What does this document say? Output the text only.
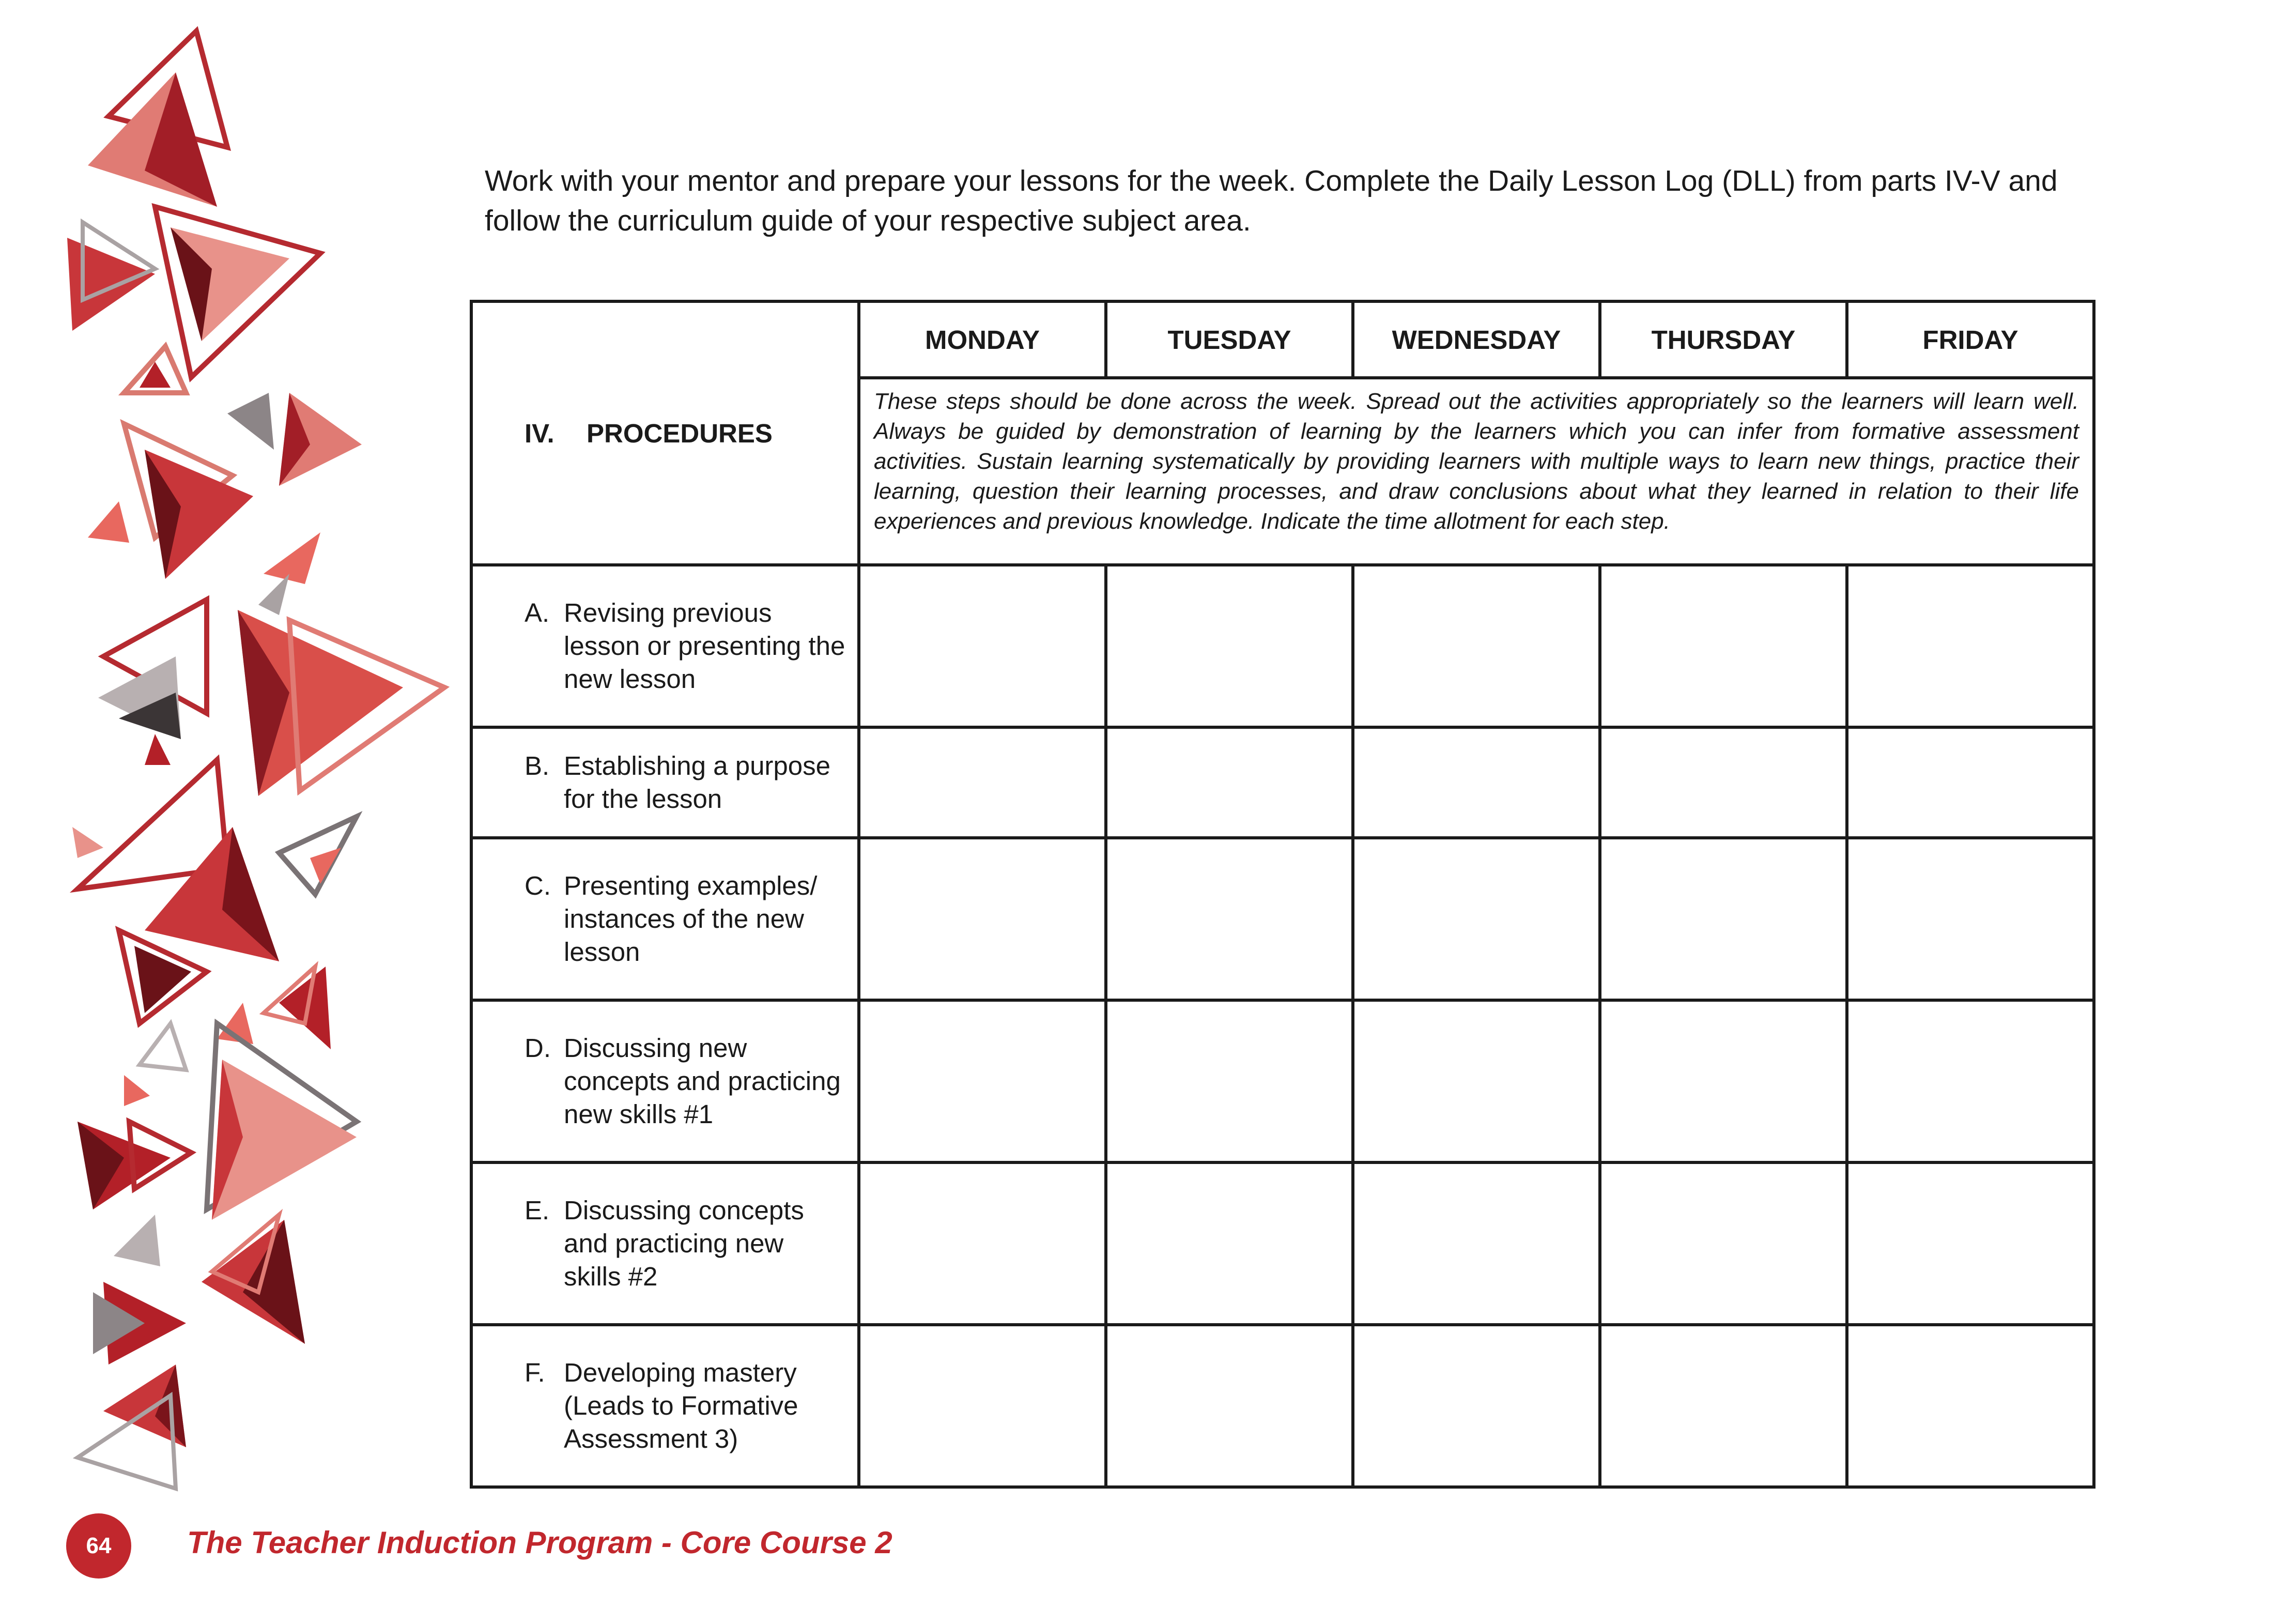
Work with your mentor and prepare your lessons for the week. Complete the Daily Lesson Log (DLL) from parts IV-V and follow the curriculum guide of your respective subject area.

IV. PROCEDURES	MONDAY	TUESDAY	WEDNESDAY	THURSDAY	FRIDAY
	These steps should be done across the week. Spread out the activities appropriately so the learners will learn well. Always be guided by demonstration of learning by the learners which you can infer from formative assessment activities. Sustain learning systematically by providing learners with multiple ways to learn new things, practice their learning, question their learning processes, and draw conclusions about what they learned in relation to their life experiences and previous knowledge. Indicate the time allotment for each step.				

A. Revising previous lesson or presenting the new lesson					

B. Establishing a purpose for the lesson					

C. Presenting examples/ instances of the new lesson					

D. Discussing new concepts and practicing new skills #1					

E. Discussing concepts and practicing new skills #2					

F. Developing mastery (Leads to Formative Assessment 3)					

64	The Teacher Induction Program - Core Course 2
